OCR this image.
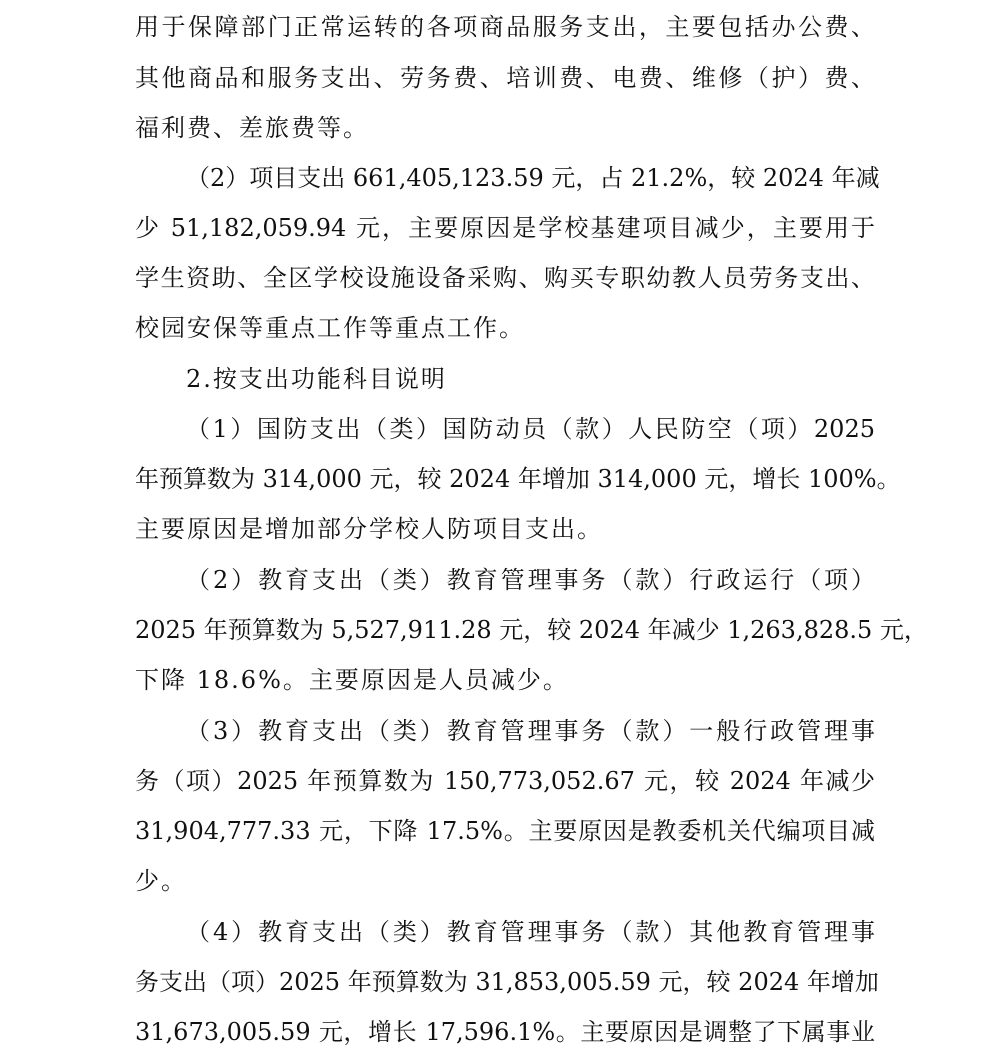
用于保障部门正常运转的各项商品服务支出，主要包括办公费、
其他商品和服务支出、劳务费、培训费、电费、维修（护）费、
福利费、差旅费等。
（2）项目支出 661,405,123.59 元，占 21.2%，较 2024 年减
少 51,182,059.94 元，主要原因是学校基建项目减少，主要用于
学生资助、全区学校设施设备采购、购买专职幼教人员劳务支出、
校园安保等重点工作等重点工作。
2.按支出功能科目说明
（1）国防支出（类）国防动员（款）人民防空（项）2025
年预算数为 314,000 元，较 2024 年增加 314,000 元，增长 100%。
主要原因是增加部分学校人防项目支出。
（2）教育支出（类）教育管理事务（款）行政运行（项）
2025 年预算数为 5,527,911.28 元，较 2024 年减少 1,263,828.5 元，
下降 18.6%。主要原因是人员减少。
（3）教育支出（类）教育管理事务（款）一般行政管理事
务（项）2025 年预算数为 150,773,052.67 元，较 2024 年减少
31,904,777.33 元，下降 17.5%。主要原因是教委机关代编项目减
少。
（4）教育支出（类）教育管理事务（款）其他教育管理事
务支出（项）2025 年预算数为 31,853,005.59 元，较 2024 年增加
31,673,005.59 元，增长 17,596.1%。主要原因是调整了下属事业
